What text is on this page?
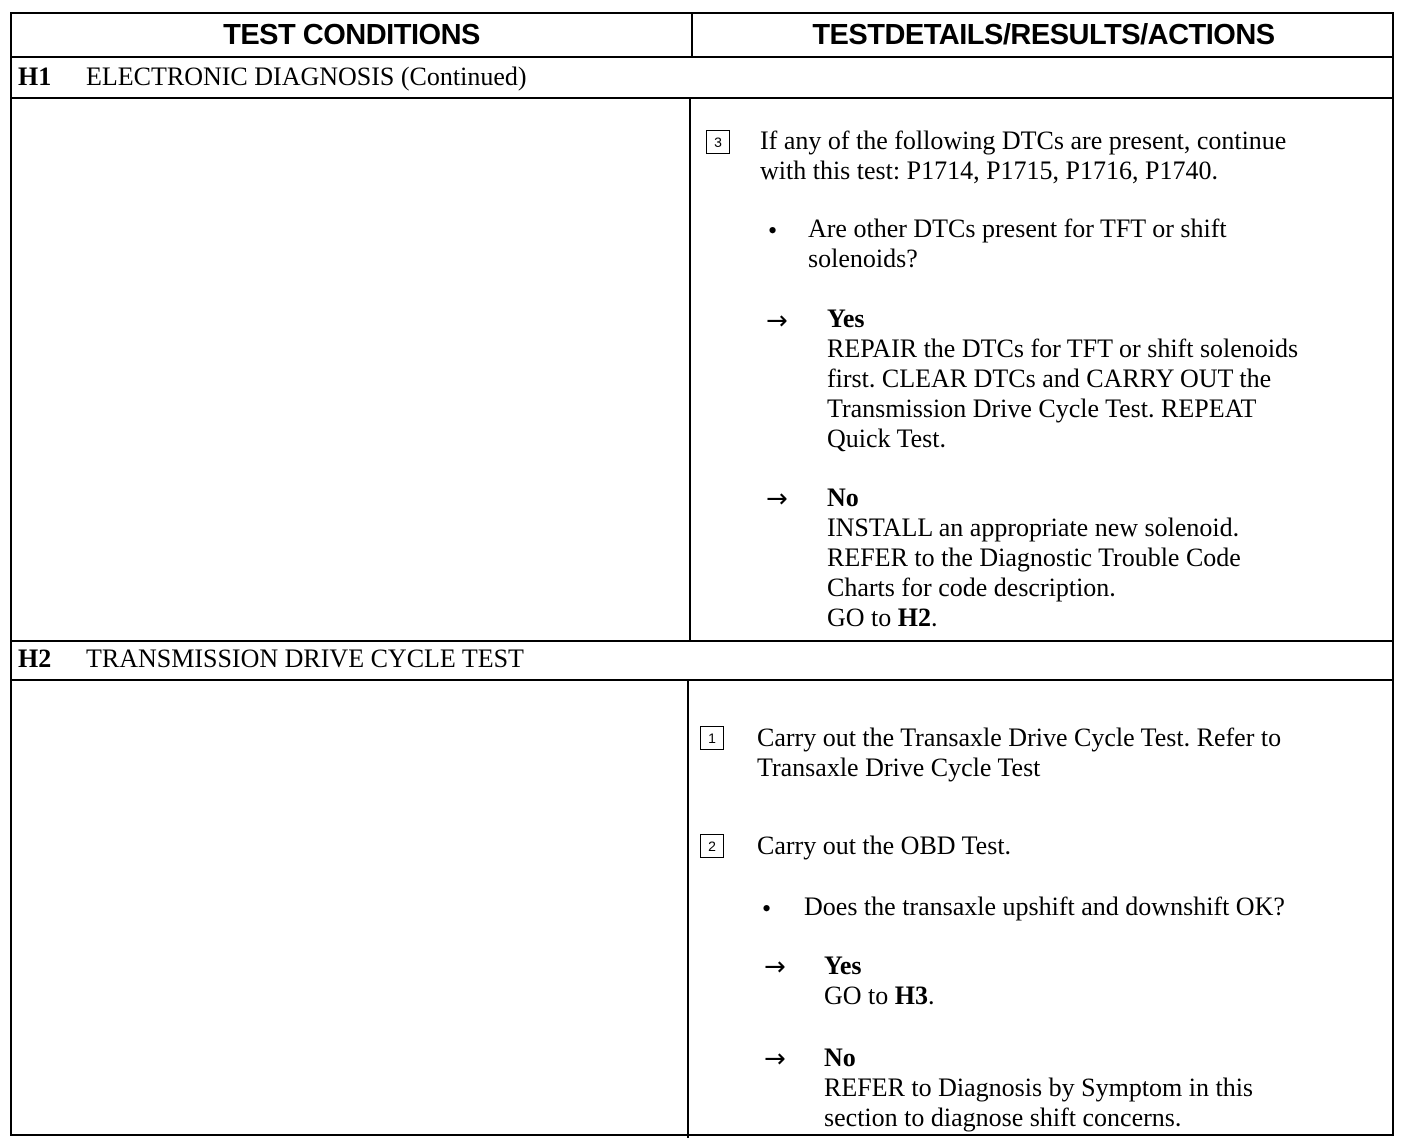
TEST CONDITIONS	TESTDETAILS/RESULTS/ACTIONS
H1 ELECTRONIC DIAGNOSIS (Continued)
3	If any of the following DTCs are present, continue
with this test: P1714, P1715, P1716, P1740.
• Are other DTCs present for TFT or shift
solenoids?
→ Yes
REPAIR the DTCs for TFT or shift solenoids
first. CLEAR DTCs and CARRY OUT the
Transmission Drive Cycle Test. REPEAT
Quick Test.
→ No
INSTALL an appropriate new solenoid.
REFER to the Diagnostic Trouble Code
Charts for code description.
GO to H2.
H2 TRANSMISSION DRIVE CYCLE TEST
1	Carry out the Transaxle Drive Cycle Test. Refer to
Transaxle Drive Cycle Test
2	Carry out the OBD Test.
• Does the transaxle upshift and downshift OK?
→ Yes
GO to H3.
→ No
REFER to Diagnosis by Symptom in this
section to diagnose shift concerns.
